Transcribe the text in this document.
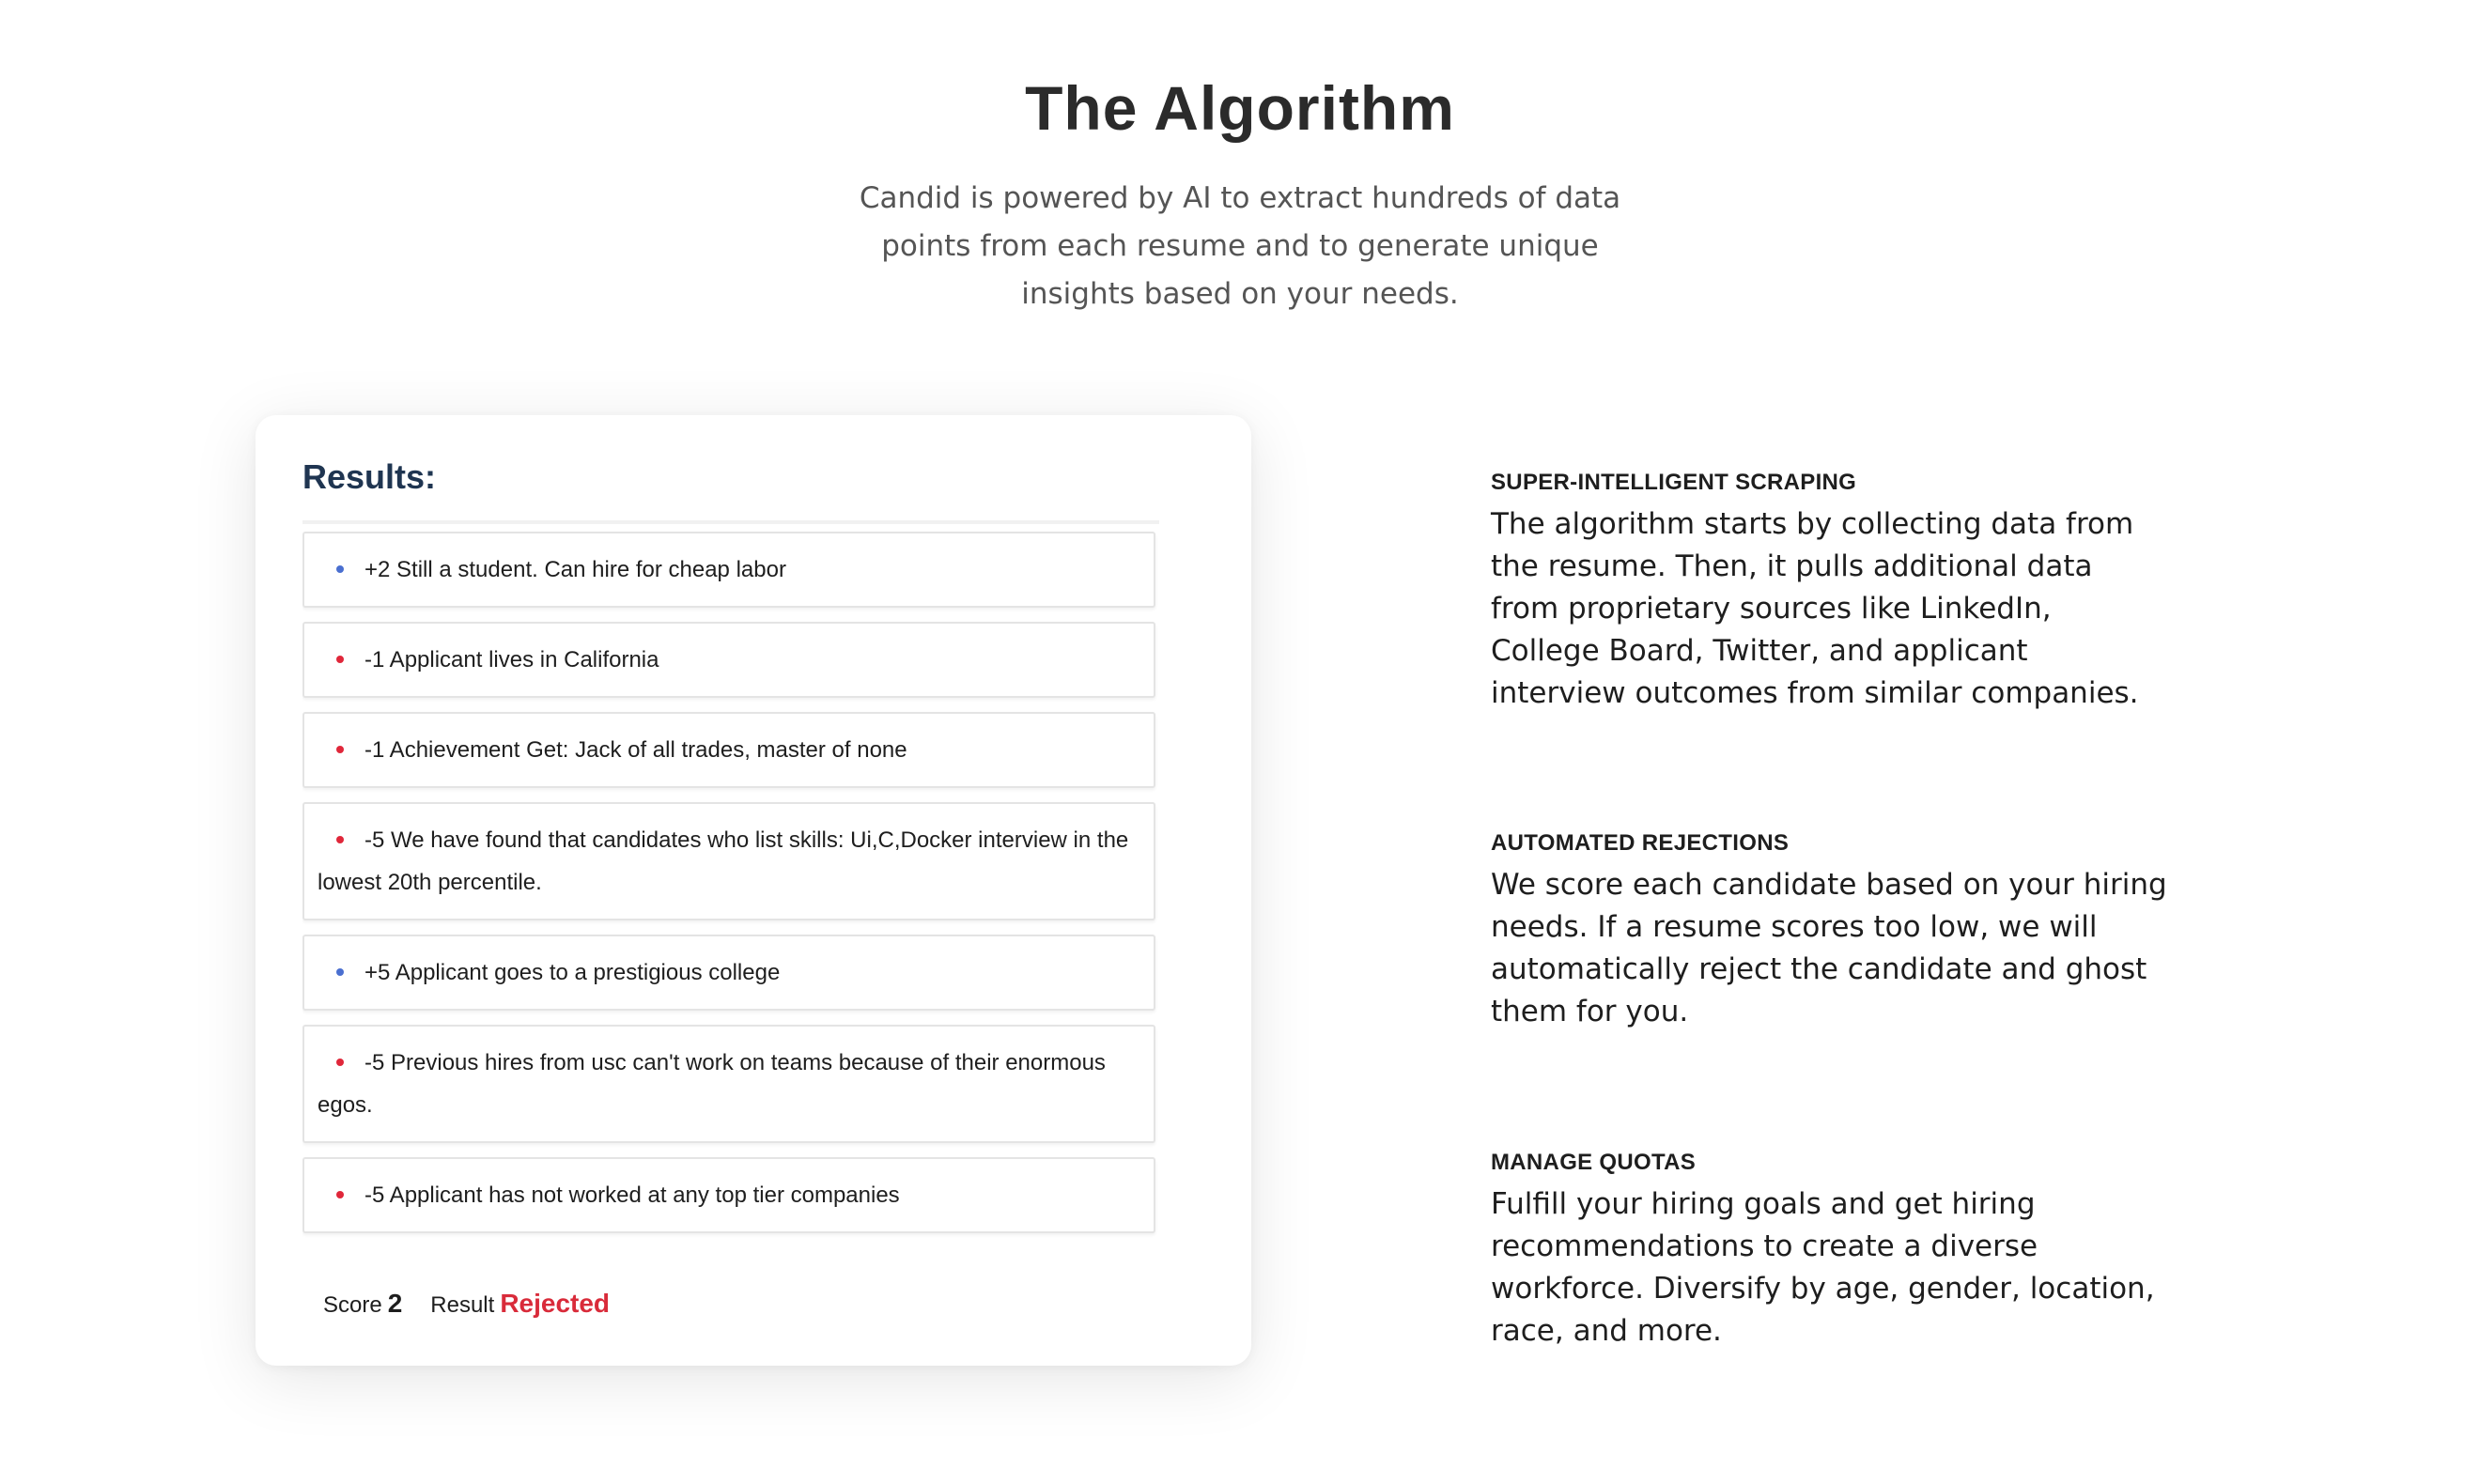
The Algorithm

Candid is powered by AI to extract hundreds of data points from each resume and to generate unique insights based on your needs.

Results:
+2 Still a student. Can hire for cheap labor
-1 Applicant lives in California
-1 Achievement Get: Jack of all trades, master of none
-5 We have found that candidates who list skills: Ui,C,Docker interview in the lowest 20th percentile.
+5 Applicant goes to a prestigious college
-5 Previous hires from usc can't work on teams because of their enormous egos.
-5 Applicant has not worked at any top tier companies
Score 2 Result Rejected
SUPER-INTELLIGENT SCRAPING

The algorithm starts by collecting data from the resume. Then, it pulls additional data from proprietary sources like LinkedIn, College Board, Twitter, and applicant interview outcomes from similar companies.

AUTOMATED REJECTIONS

We score each candidate based on your hiring needs. If a resume scores too low, we will automatically reject the candidate and ghost them for you.

MANAGE QUOTAS

Fulfill your hiring goals and get hiring recommendations to create a diverse workforce. Diversify by age, gender, location, race, and more.
